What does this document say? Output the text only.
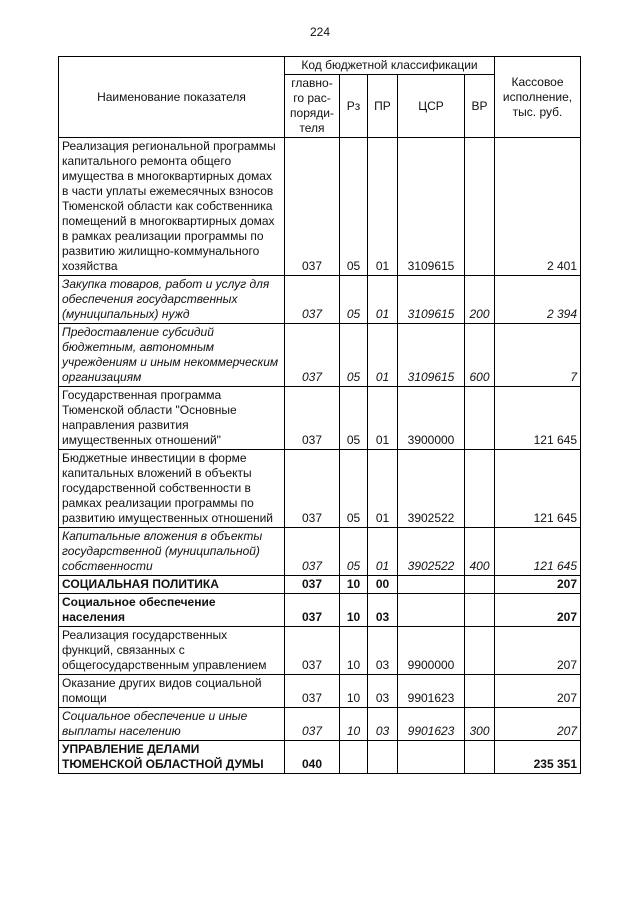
224
Наименование показателя	Код бюджетной классификации					Кассовое исполнение, тыс. руб.
	главно-го рас-поряди-теля	Рз	ПР	ЦСР	ВР	
Реализация региональной программы капитального ремонта общего имущества в многоквартирных домах в части уплаты ежемесячных взносов Тюменской области как собственника помещений в многоквартирных домах в рамках реализации программы по развитию жилищно-коммунального хозяйства	037	05	01	3109615		2 401
Закупка товаров, работ и услуг для обеспечения государственных (муниципальных) нужд	037	05	01	3109615	200	2 394
Предоставление субсидий бюджетным, автономным учреждениям и иным некоммерческим организациям	037	05	01	3109615	600	7
Государственная программа Тюменской области "Основные направления развития имущественных отношений"	037	05	01	3900000		121 645
Бюджетные инвестиции в форме капитальных вложений в объекты государственной собственности в рамках реализации программы по развитию имущественных отношений	037	05	01	3902522		121 645
Капитальные вложения в объекты государственной (муниципальной) собственности	037	05	01	3902522	400	121 645
СОЦИАЛЬНАЯ ПОЛИТИКА	037	10	00			207
Социальное обеспечение населения	037	10	03			207
Реализация государственных функций, связанных с общегосударственным управлением	037	10	03	9900000		207
Оказание других видов социальной помощи	037	10	03	9901623		207
Социальное обеспечение и иные выплаты населению	037	10	03	9901623	300	207
УПРАВЛЕНИЕ ДЕЛАМИ ТЮМЕНСКОЙ ОБЛАСТНОЙ ДУМЫ	040					235 351
